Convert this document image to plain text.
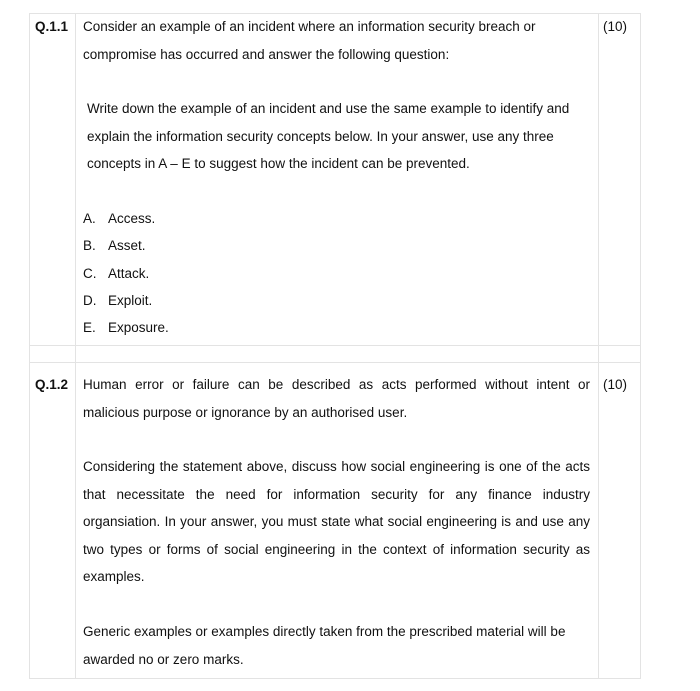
Q.1.1	(10)

Consider an example of an incident where an information security breach or compromise has occurred and answer the following question:

Write down the example of an incident and use the same example to identify and explain the information security concepts below. In your answer, use any three concepts in A – E to suggest how the incident can be prevented.

A. Access.
B. Asset.
C. Attack.
D. Exploit.
E. Exposure.
Q.1.2	(10)

Human error or failure can be described as acts performed without intent or malicious purpose or ignorance by an authorised user.

Considering the statement above, discuss how social engineering is one of the acts that necessitate the need for information security for any finance industry organsiation. In your answer, you must state what social engineering is and use any two types or forms of social engineering in the context of information security as examples.

Generic examples or examples directly taken from the prescribed material will be awarded no or zero marks.
